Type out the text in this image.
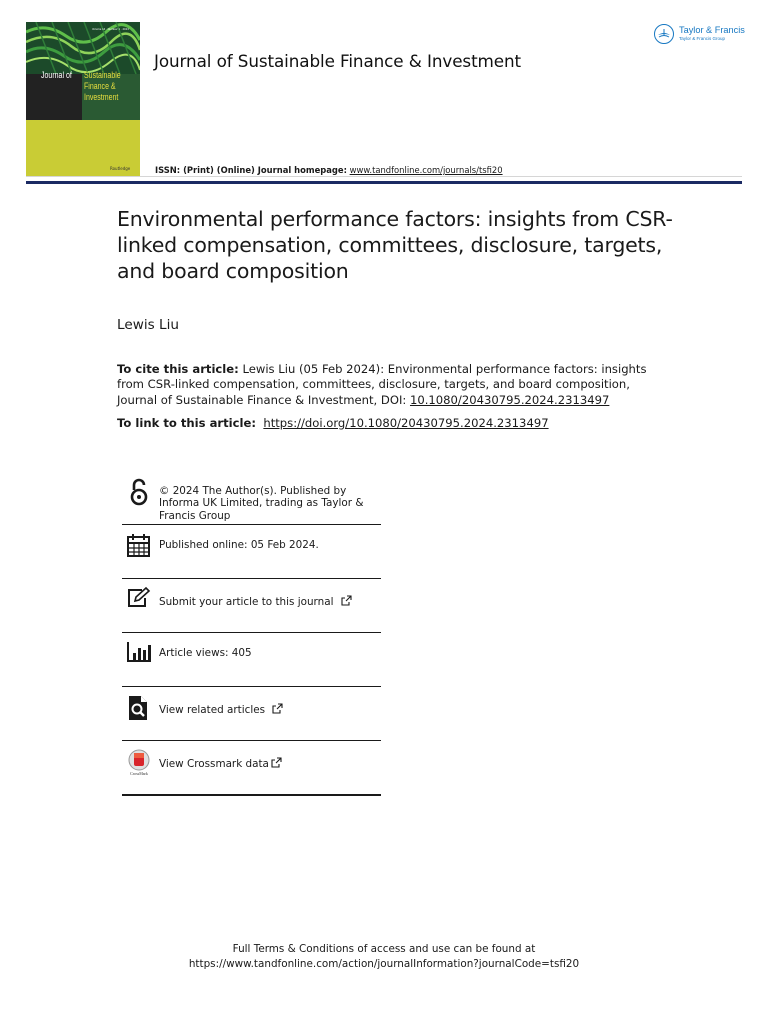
Volume 14 · Number 1 · 2024
Journal of Sustainable
Finance &
Investment
Routledge
Journal of Sustainable Finance & Investment
Taylor & Francis
Taylor & Francis Group
ISSN: (Print) (Online) Journal homepage: www.tandfonline.com/journals/tsfi20
Environmental performance factors: insights from CSR-linked compensation, committees, disclosure, targets, and board composition
Lewis Liu
To cite this article: Lewis Liu (05 Feb 2024): Environmental performance factors: insights from CSR-linked compensation, committees, disclosure, targets, and board composition, Journal of Sustainable Finance & Investment, DOI: 10.1080/20430795.2024.2313497
To link to this article: https://doi.org/10.1080/20430795.2024.2313497
© 2024 The Author(s). Published by Informa UK Limited, trading as Taylor & Francis Group
Published online: 05 Feb 2024.
Submit your article to this journal
Article views: 405
View related articles
CrossMark
View Crossmark data
Full Terms & Conditions of access and use can be found at
https://www.tandfonline.com/action/journalInformation?journalCode=tsfi20
